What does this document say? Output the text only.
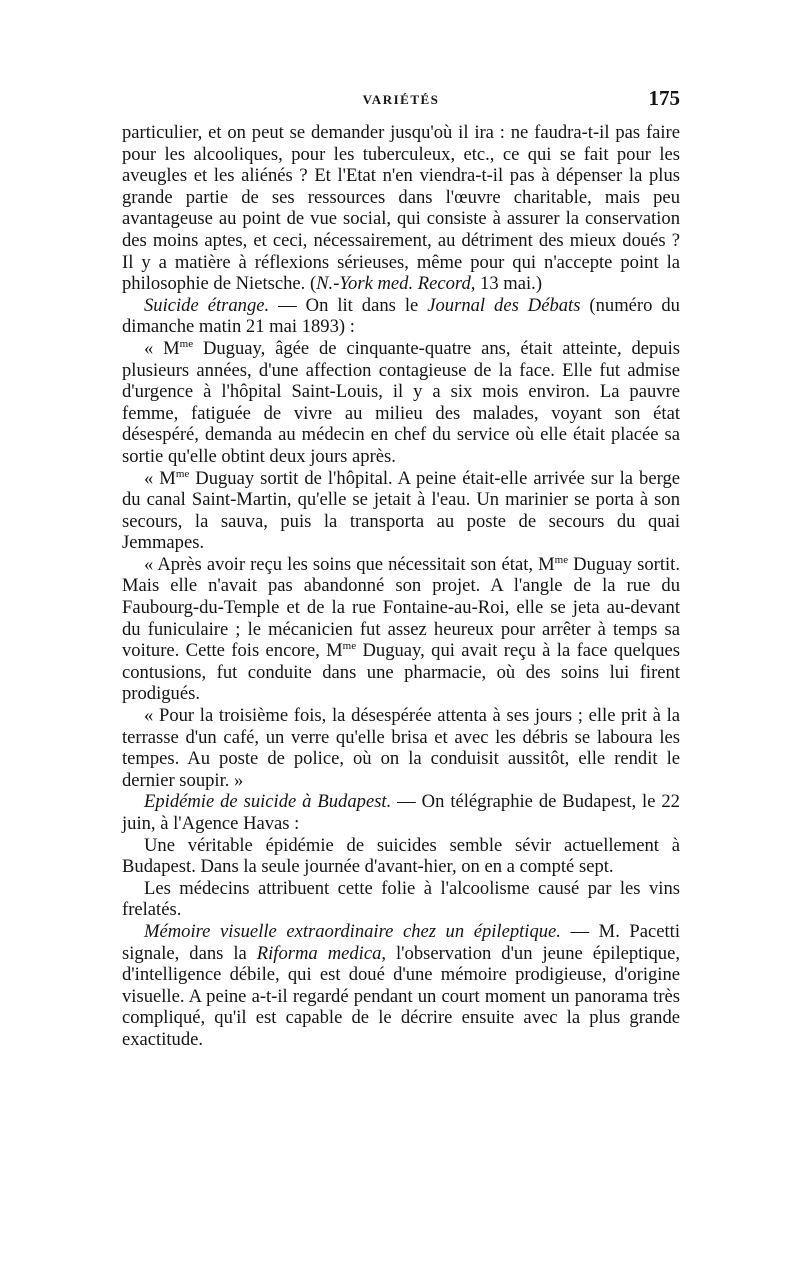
VARIÉTÉS	175

particulier, et on peut se demander jusqu'où il ira : ne faudra-t-il pas faire pour les alcooliques, pour les tuberculeux, etc., ce qui se fait pour les aveugles et les aliénés ? Et l'Etat n'en viendra-t-il pas à dépenser la plus grande partie de ses ressources dans l'œuvre charitable, mais peu avantageuse au point de vue social, qui consiste à assurer la conservation des moins aptes, et ceci, nécessairement, au détriment des mieux doués ? Il y a matière à réflexions sérieuses, même pour qui n'accepte point la philosophie de Nietsche. (N.-York med. Record, 13 mai.)

Suicide étrange. — On lit dans le Journal des Débats (numéro du dimanche matin 21 mai 1893) :

« $M^{me}$ Duguay, âgée de cinquante-quatre ans, était atteinte, depuis plusieurs années, d'une affection contagieuse de la face. Elle fut admise d'urgence à l'hôpital Saint-Louis, il y a six mois environ. La pauvre femme, fatiguée de vivre au milieu des malades, voyant son état désespéré, demanda au médecin en chef du service où elle était placée sa sortie qu'elle obtint deux jours après.

« $M^{me}$ Duguay sortit de l'hôpital. A peine était-elle arrivée sur la berge du canal Saint-Martin, qu'elle se jetait à l'eau. Un marinier se porta à son secours, la sauva, puis la transporta au poste de secours du quai Jemmapes.

« Après avoir reçu les soins que nécessitait son état, $M^{me}$ Duguay sortit. Mais elle n'avait pas abandonné son projet. A l'angle de la rue du Faubourg-du-Temple et de la rue Fontaine-au-Roi, elle se jeta au-devant du funiculaire ; le mécanicien fut assez heureux pour arrêter à temps sa voiture. Cette fois encore, $M^{me}$ Duguay, qui avait reçu à la face quelques contusions, fut conduite dans une pharmacie, où des soins lui firent prodigués.

« Pour la troisième fois, la désespérée attenta à ses jours ; elle prit à la terrasse d'un café, un verre qu'elle brisa et avec les débris se laboura les tempes. Au poste de police, où on la conduisit aussitôt, elle rendit le dernier soupir. »

Epidémie de suicide à Budapest. — On télégraphie de Budapest, le 22 juin, à l'Agence Havas :

Une véritable épidémie de suicides semble sévir actuellement à Budapest. Dans la seule journée d'avant-hier, on en a compté sept.

Les médecins attribuent cette folie à l'alcoolisme causé par les vins frelatés.

Mémoire visuelle extraordinaire chez un épileptique. — M. Pacetti signale, dans la Riforma medica, l'observation d'un jeune épileptique, d'intelligence débile, qui est doué d'une mémoire prodigieuse, d'origine visuelle. A peine a-t-il regardé pendant un court moment un panorama très compliqué, qu'il est capable de le décrire ensuite avec la plus grande exactitude.
